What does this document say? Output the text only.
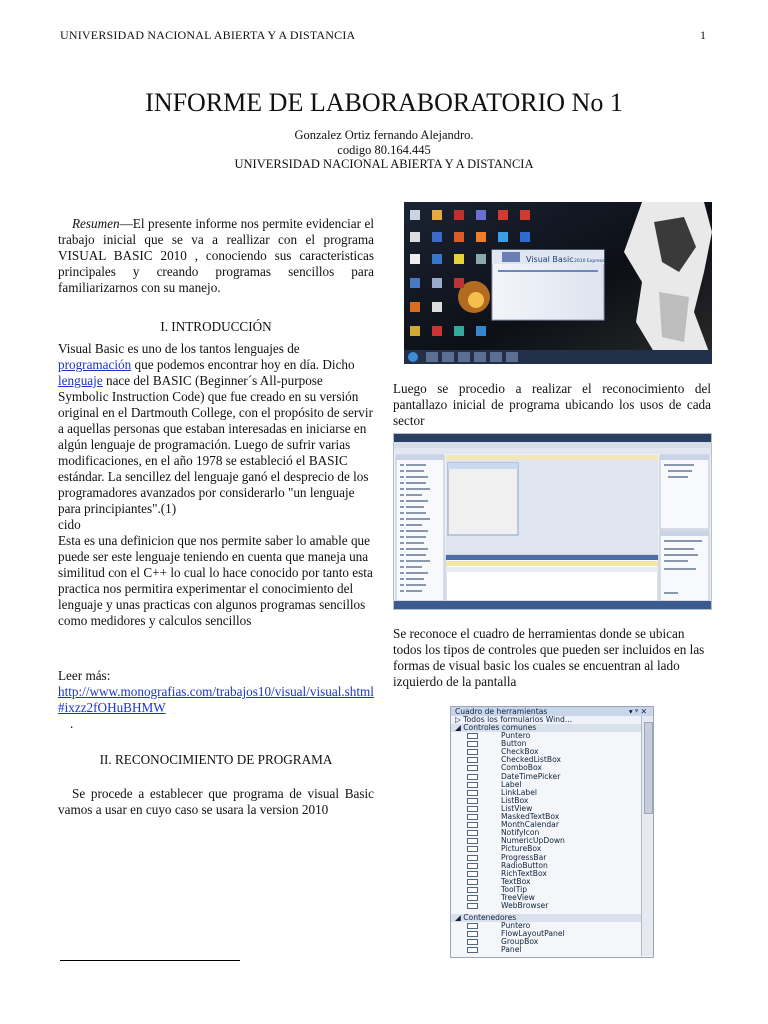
UNIVERSIDAD NACIONAL ABIERTA Y A DISTANCIA	1
INFORME DE LABORABORATORIO No 1
Gonzalez Ortiz fernando Alejandro.
codigo 80.164.445
UNIVERSIDAD NACIONAL ABIERTA Y A DISTANCIA
Resumen—El presente informe nos permite evidenciar el trabajo inicial que se va a reallizar con el programa VISUAL BASIC 2010 , conociendo sus caracteristicas principales y creando programas sencillos para familiarizarnos con su manejo.
I. INTRODUCCIÓN
Visual Basic es uno de los tantos lenguajes de programación que podemos encontrar hoy en día. Dicho lenguaje nace del BASIC (Beginner´s All-purpose Symbolic Instruction Code) que fue creado en su versión original en el Dartmouth College, con el propósito de servir a aquellas personas que estaban interesadas en iniciarse en algún lenguaje de programación. Luego de sufrir varias modificaciones, en el año 1978 se estableció el BASIC estándar. La sencillez del lenguaje ganó el desprecio de los programadores avanzados por considerarlo "un lenguaje para principiantes".(1)
cido
Esta es una definicion que nos permite saber lo amable que puede ser este lenguaje teniendo en cuenta que maneja una similitud con el C++ lo cual lo hace conocido por tanto esta practica nos permitira experimentar el conocimiento del lenguaje y unas practicas con algunos programas sencillos como medidores y calculos sencillos
Leer más:
http://www.monografias.com/trabajos10/visual/visual.shtml#ixzz2fOHuBHMW
.
II. RECONOCIMIENTO DE PROGRAMA
Se procede a establecer que programa de visual Basic vamos a usar en cuyo caso se usara la version 2010
Visual Basic 2010 Express
Luego se procedio a realizar el reconocimiento del pantallazo inicial de programa ubicando los usos de cada sector
Se reconoce el cuadro de herramientas donde se ubican todos los tipos de controles que pueden ser incluidos en las formas de visual basic los cuales se encuentran al lado izquierdo de la pantalla
Cuadro de herramientas	▾ ᵠ ✕
▷ Todos los formularios Wind...
◢ Controles comunes
Puntero
Button
CheckBox
CheckedListBox
ComboBox
DateTimePicker
Label
LinkLabel
ListBox
ListView
MaskedTextBox
MonthCalendar
NotifyIcon
NumericUpDown
PictureBox
ProgressBar
RadioButton
RichTextBox
TextBox
ToolTip
TreeView
WebBrowser
◢ Contenedores
Puntero
FlowLayoutPanel
GroupBox
Panel
